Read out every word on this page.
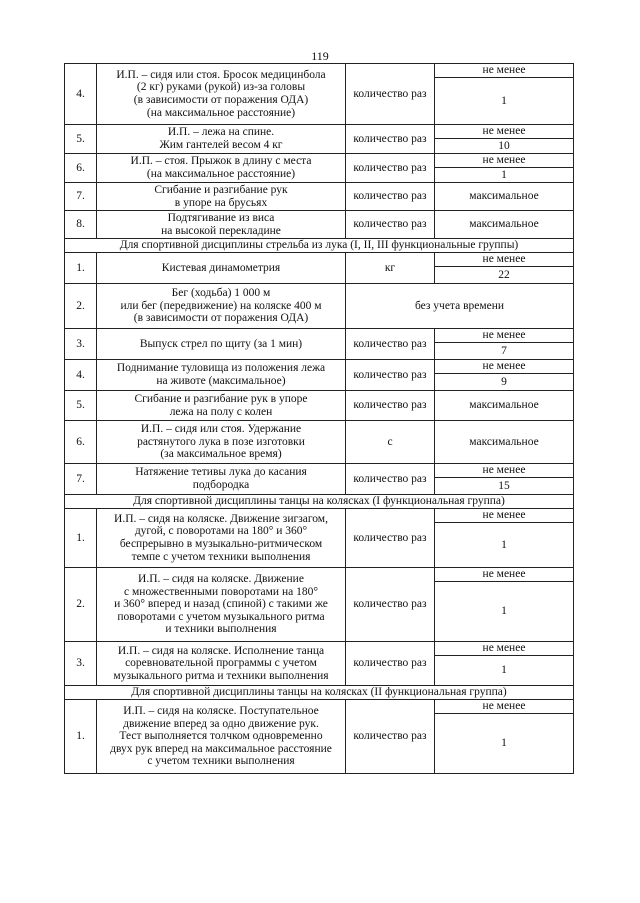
119
4.	И.П. – сидя или стоя. Бросок медицинбола
(2 кг) руками (рукой) из-за головы
(в зависимости от поражения ОДА)
(на максимальное расстояние)	количество раз	не менее
			1
5.	И.П. – лежа на спине.
Жим гантелей весом 4 кг	количество раз	не менее
			10
6.	И.П. – стоя. Прыжок в длину с места
(на максимальное расстояние)	количество раз	не менее
			1
7.	Сгибание и разгибание рук
в упоре на брусьях	количество раз	максимальное
8.	Подтягивание из виса
на высокой перекладине	количество раз	максимальное
Для спортивной дисциплины стрельба из лука (I, II, III функциональные группы)			
1.	Кистевая динамометрия	кг	не менее
			22
2.	Бег (ходьба) 1 000 м
или бег (передвижение) на коляске 400 м
(в зависимости от поражения ОДА)	без учета времени	
3.	Выпуск стрел по щиту (за 1 мин)	количество раз	не менее
			7
4.	Поднимание туловища из положения лежа
на животе (максимальное)	количество раз	не менее
			9
5.	Сгибание и разгибание рук в упоре
лежа на полу с колен	количество раз	максимальное
6.	И.П. – сидя или стоя. Удержание
растянутого лука в позе изготовки
(за максимальное время)	с	максимальное
7.	Натяжение тетивы лука до касания
подбородка	количество раз	не менее
			15
Для спортивной дисциплины танцы на колясках (I функциональная группа)			
1.	И.П. – сидя на коляске. Движение зигзагом,
дугой, с поворотами на 180° и 360°
беспрерывно в музыкально-ритмическом
темпе с учетом техники выполнения	количество раз	не менее
			1
2.	И.П. – сидя на коляске. Движение
с множественными поворотами на 180°
и 360° вперед и назад (спиной) с такими же
поворотами с учетом музыкального ритма
и техники выполнения	количество раз	не менее
			1
3.	И.П. – сидя на коляске. Исполнение танца
соревновательной программы с учетом
музыкального ритма и техники выполнения	количество раз	не менее
			1
Для спортивной дисциплины танцы на колясках (II функциональная группа)			
1.	И.П. – сидя на коляске. Поступательное
движение вперед за одно движение рук.
Тест выполняется толчком одновременно
двух рук вперед на максимальное расстояние
с учетом техники выполнения	количество раз	не менее
			1
